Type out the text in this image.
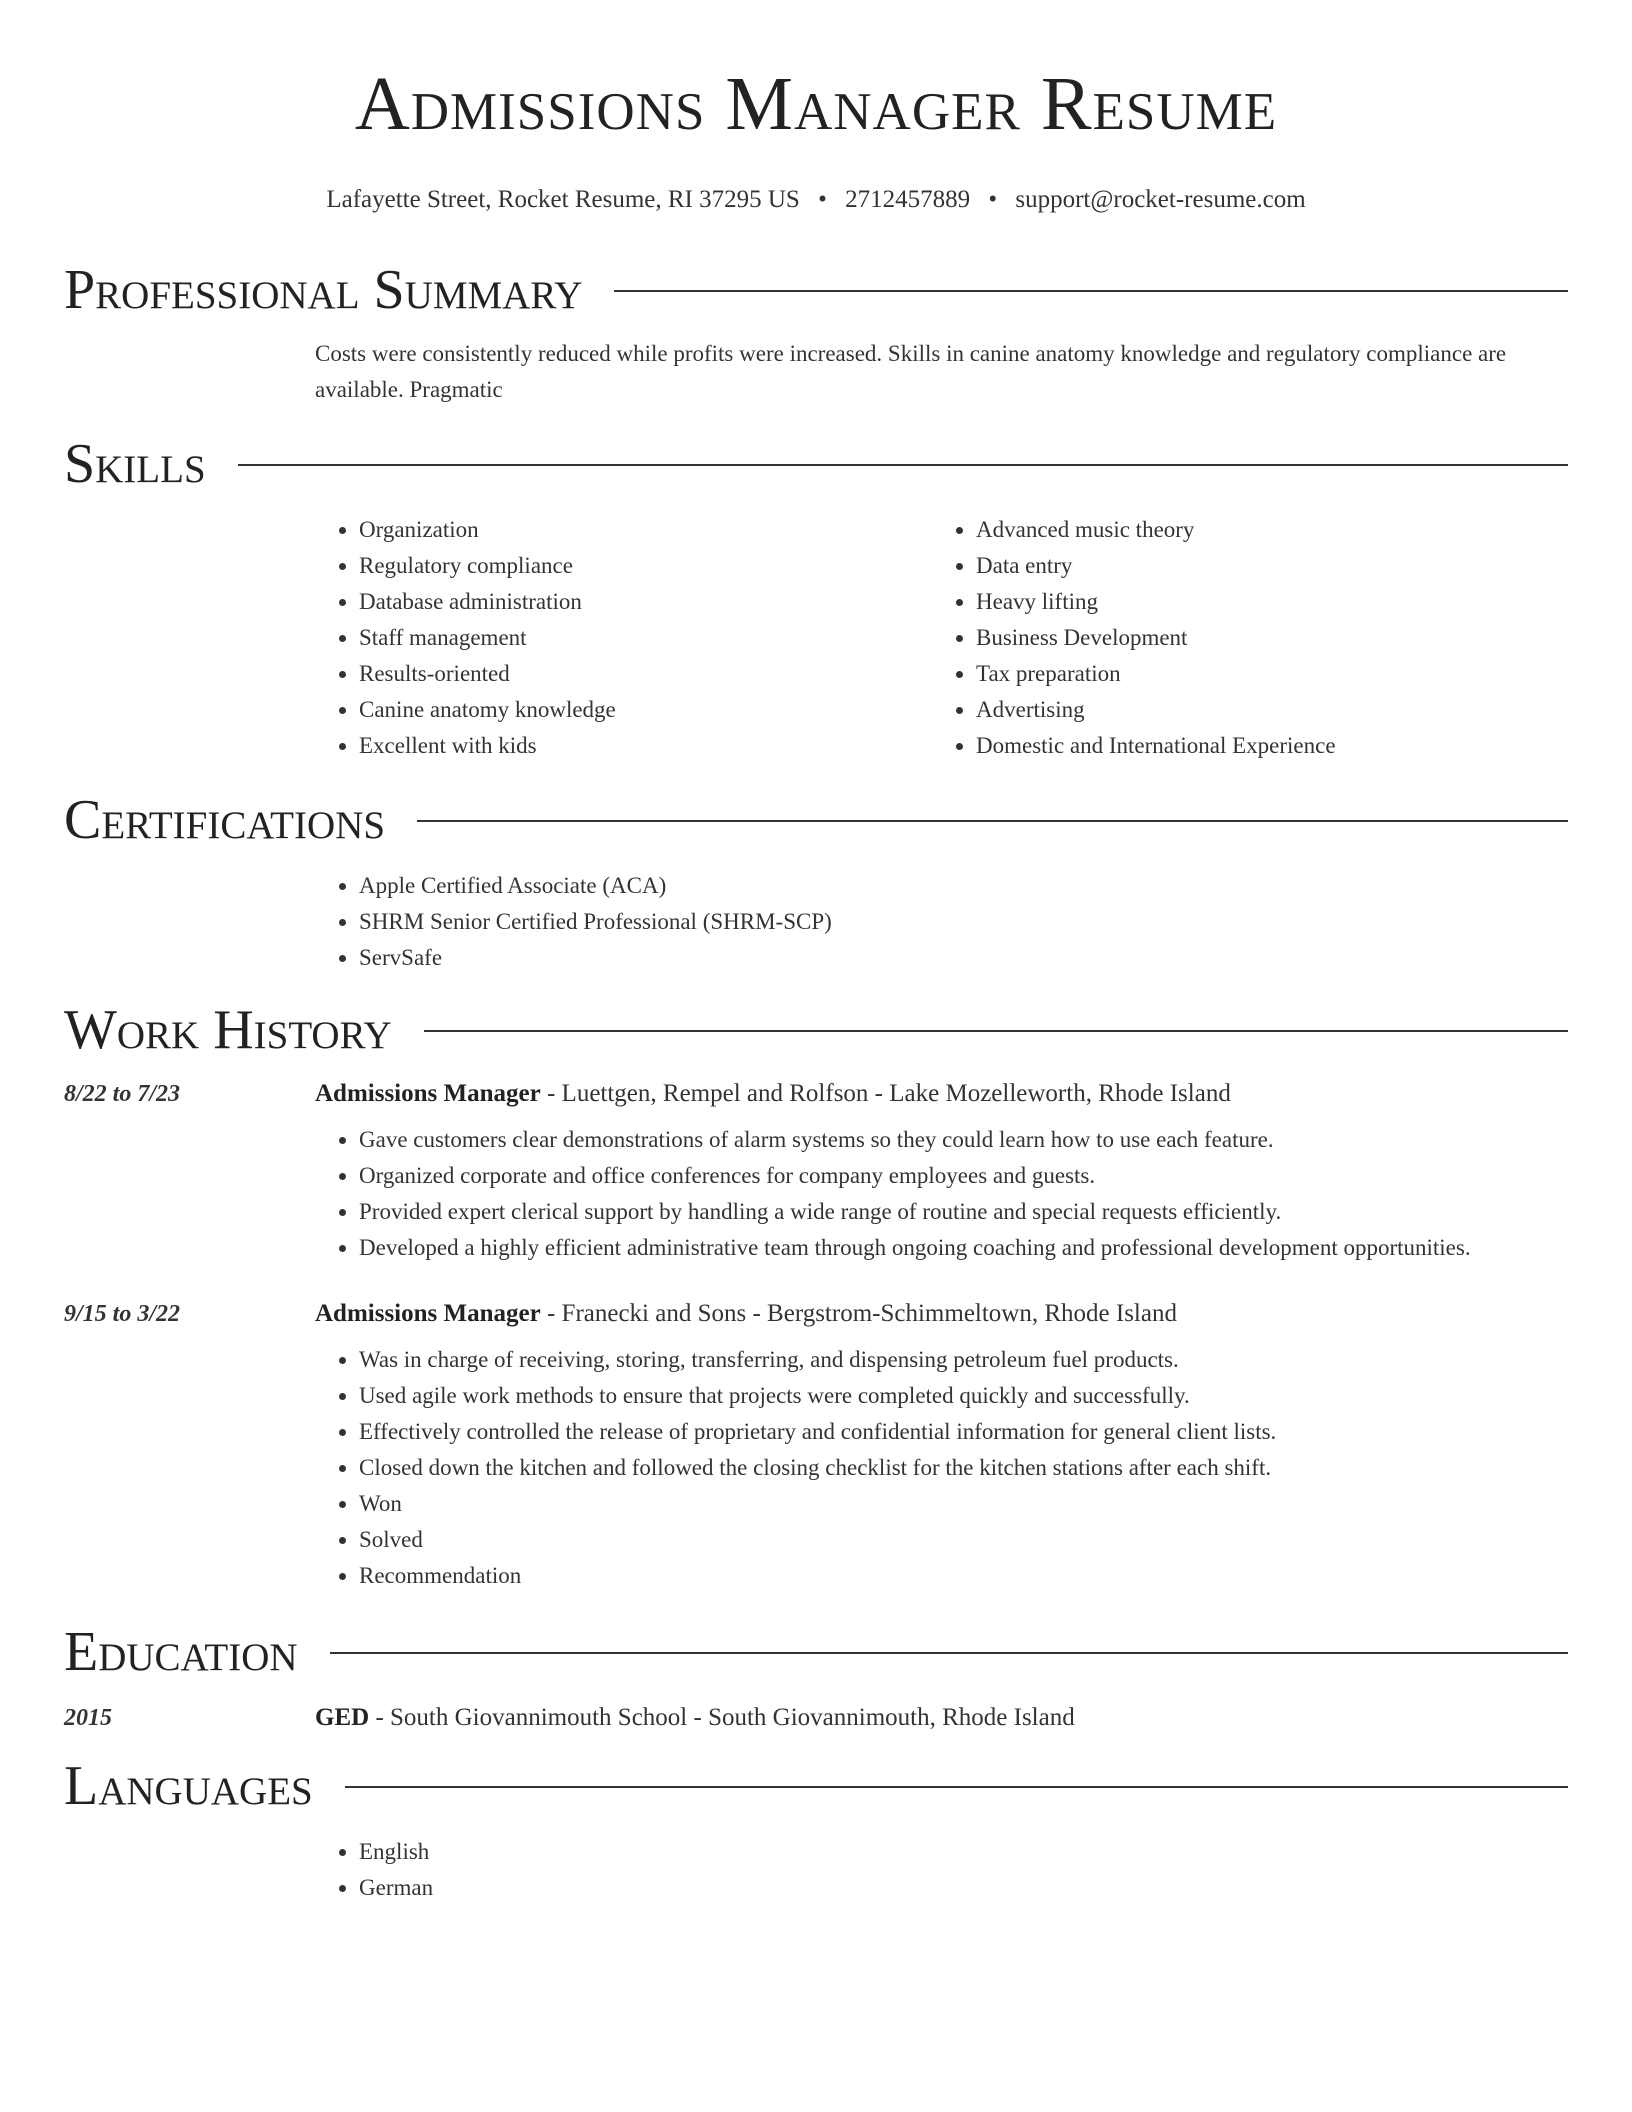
Admissions Manager Resume
Lafayette Street, Rocket Resume, RI 37295 US • 2712457889 • support@rocket-resume.com
Professional Summary
Costs were consistently reduced while profits were increased. Skills in canine anatomy knowledge and regulatory compliance are available. Pragmatic
Skills
• Organization
• Regulatory compliance
• Database administration
• Staff management
• Results-oriented
• Canine anatomy knowledge
• Excellent with kids
• Advanced music theory
• Data entry
• Heavy lifting
• Business Development
• Tax preparation
• Advertising
• Domestic and International Experience
Certifications
• Apple Certified Associate (ACA)
• SHRM Senior Certified Professional (SHRM-SCP)
• ServSafe
Work History
8/22 to 7/23	Admissions Manager - Luettgen, Rempel and Rolfson - Lake Mozelleworth, Rhode Island
• Gave customers clear demonstrations of alarm systems so they could learn how to use each feature.
• Organized corporate and office conferences for company employees and guests.
• Provided expert clerical support by handling a wide range of routine and special requests efficiently.
• Developed a highly efficient administrative team through ongoing coaching and professional development opportunities.
9/15 to 3/22	Admissions Manager - Franecki and Sons - Bergstrom-Schimmeltown, Rhode Island
• Was in charge of receiving, storing, transferring, and dispensing petroleum fuel products.
• Used agile work methods to ensure that projects were completed quickly and successfully.
• Effectively controlled the release of proprietary and confidential information for general client lists.
• Closed down the kitchen and followed the closing checklist for the kitchen stations after each shift.
• Won
• Solved
• Recommendation
Education
2015	GED - South Giovannimouth School - South Giovannimouth, Rhode Island
Languages
• English
• German
